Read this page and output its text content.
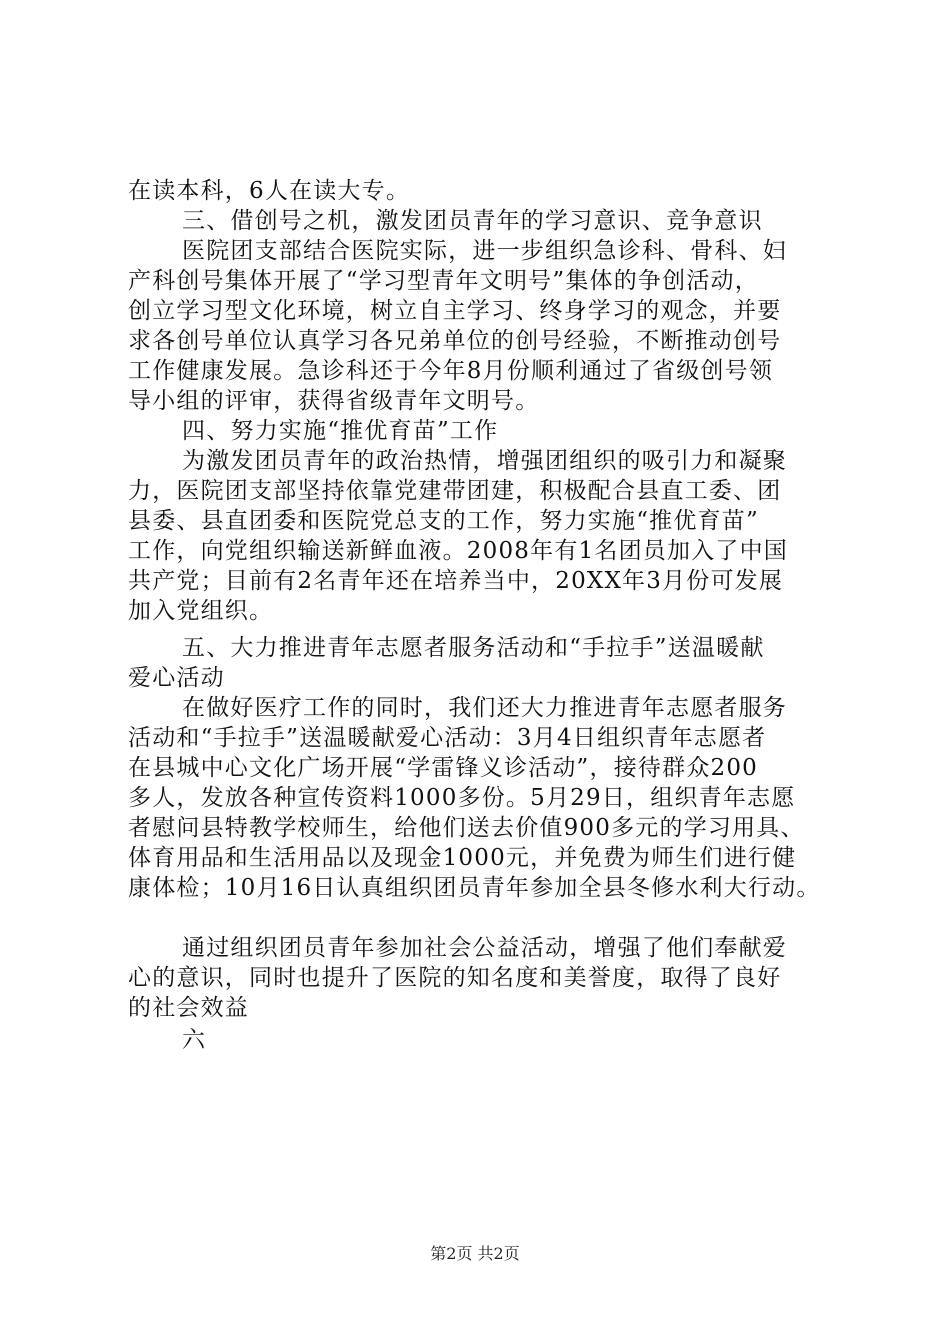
在读本科，6人在读大专。
三、借创号之机，激发团员青年的学习意识、竞争意识
医院团支部结合医院实际，进一步组织急诊科、骨科、妇
产科创号集体开展了“学习型青年文明号”集体的争创活动，
创立学习型文化环境，树立自主学习、终身学习的观念，并要
求各创号单位认真学习各兄弟单位的创号经验，不断推动创号
工作健康发展。急诊科还于今年8月份顺利通过了省级创号领
导小组的评审，获得省级青年文明号。
四、努力实施“推优育苗”工作
为激发团员青年的政治热情，增强团组织的吸引力和凝聚
力，医院团支部坚持依靠党建带团建，积极配合县直工委、团
县委、县直团委和医院党总支的工作，努力实施“推优育苗”
工作，向党组织输送新鲜血液。2008年有1名团员加入了中国
共产党；目前有2名青年还在培养当中，20XX年3月份可发展
加入党组织。
五、大力推进青年志愿者服务活动和“手拉手”送温暖献
爱心活动
在做好医疗工作的同时，我们还大力推进青年志愿者服务
活动和“手拉手”送温暖献爱心活动：3月4日组织青年志愿者
在县城中心文化广场开展“学雷锋义诊活动”，接待群众200
多人，发放各种宣传资料1000多份。5月29日，组织青年志愿
者慰问县特教学校师生，给他们送去价值900多元的学习用具、
体育用品和生活用品以及现金1000元，并免费为师生们进行健
康体检；10月16日认真组织团员青年参加全县冬修水利大行动。
通过组织团员青年参加社会公益活动，增强了他们奉献爱
心的意识，同时也提升了医院的知名度和美誉度，取得了良好
的社会效益
六
第2页 共2页
